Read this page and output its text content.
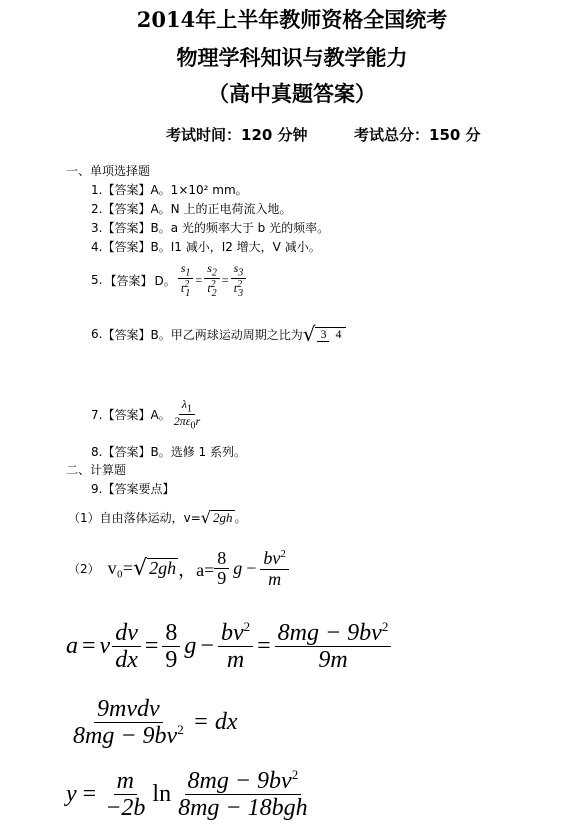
2014年上半年教师资格全国统考
物理学科知识与教学能力
（高中真题答案）
考试时间：120 分钟	考试总分：150 分
一、单项选择题
1.【答案】A。1×10² mm。
2.【答案】A。N 上的正电荷流入地。
3.【答案】B。a 光的频率大于 b 光的频率。
4.【答案】B。I1 减小，I2 增大，V 减小。
5. 【答案】 D。 $\frac{s_1}{t^2_1} = \frac{s_2}{t^2_2} = \frac{s_3}{t^2_3}$
6. 【答案】 B。甲乙两球运动周期之比为 √ 3 4
7. 【答案】 A。 $\frac{\lambda_1}{2\pi\varepsilon_0r}$
8.【答案】B。选修 1 系列。
二、计算题
9.【答案要点】
（1）自由落体运动，v= √ 2gh 。
（2） v₀= √ 2gh ，$a= \frac{8}{9}$ $g - \frac{bv^2}{m}$
a = v $\frac{dv}{dx} = \frac{8}{9}$ $g - \frac{bv^2}{m} = \frac{8mg - 9bv^2}{9m}$
$\frac{\text{9mvdv}}{8mg - 9bv^2}$ = dx
$y = \frac{m}{-2b}$ $\ln \frac{8mg - 9bv^2}{\text{8mg − 18bgh}}$
